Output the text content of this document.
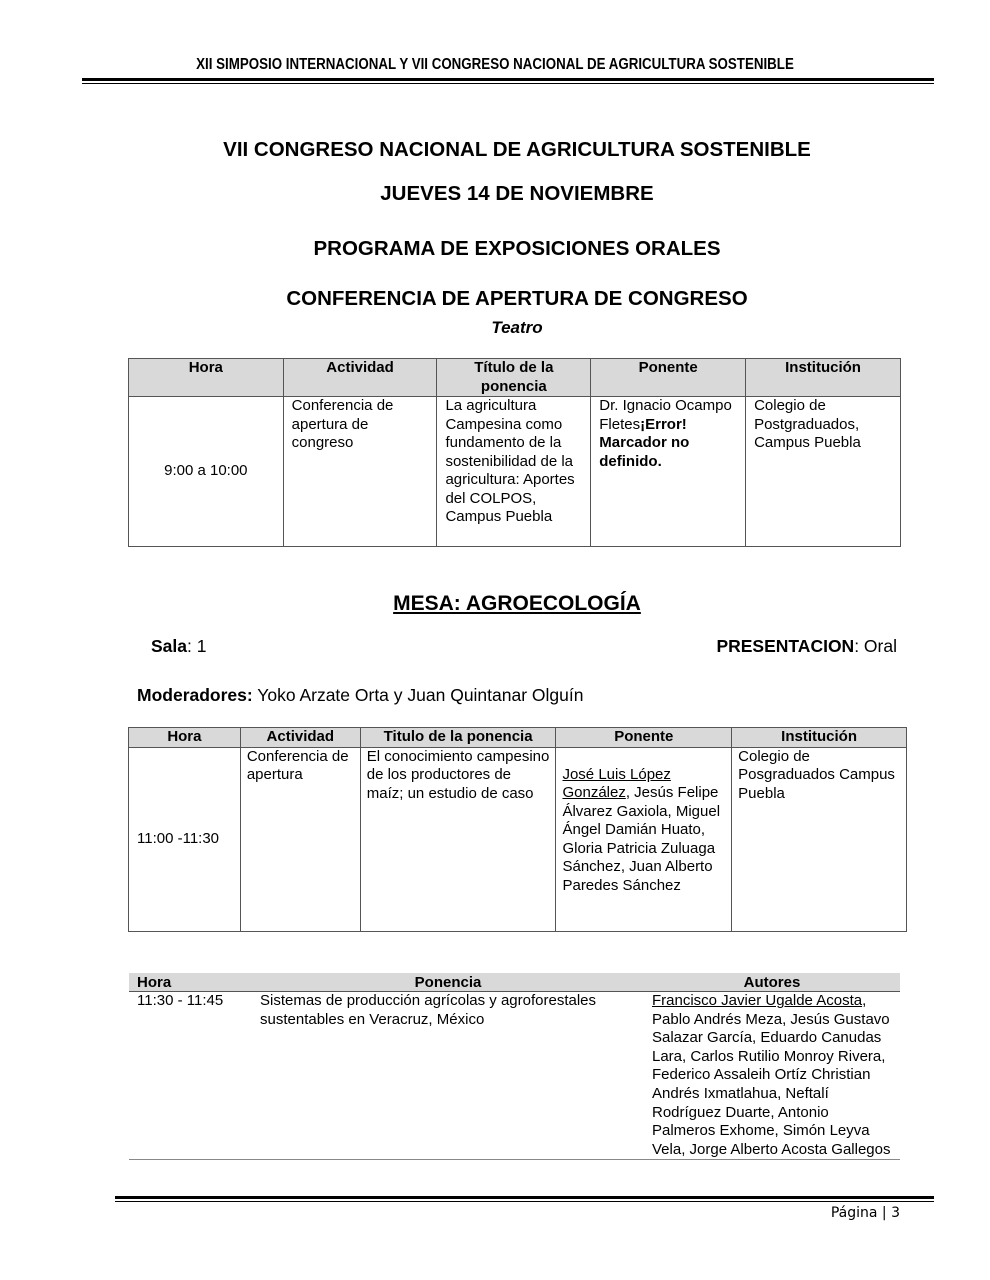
XII SIMPOSIO INTERNACIONAL Y VII CONGRESO NACIONAL DE AGRICULTURA SOSTENIBLE
VII CONGRESO NACIONAL DE AGRICULTURA SOSTENIBLE
JUEVES 14 DE NOVIEMBRE
PROGRAMA DE EXPOSICIONES ORALES
CONFERENCIA DE APERTURA DE CONGRESO
Teatro
Hora	Actividad	Título de la ponencia	Ponente	Institución
9:00 a 10:00	Conferencia de apertura de congreso	La agricultura Campesina como fundamento de la sostenibilidad de la agricultura: Aportes del COLPOS, Campus Puebla	Dr. Ignacio Ocampo Fletes¡Error! Marcador no definido.	Colegio de Postgraduados, Campus Puebla
MESA: AGROECOLOGÍA
Sala: 1	PRESENTACION: Oral
Moderadores: Yoko Arzate Orta y Juan Quintanar Olguín
Hora	Actividad	Titulo de la ponencia	Ponente	Institución
11:00 -11:30	Conferencia de apertura	El conocimiento campesino de los productores de maíz; un estudio de caso	José Luis López González, Jesús Felipe Álvarez Gaxiola, Miguel Ángel Damián Huato, Gloria Patricia Zuluaga Sánchez, Juan Alberto Paredes Sánchez	Colegio de Posgraduados Campus Puebla
Hora	Ponencia	Autores
11:30 - 11:45	Sistemas de producción agrícolas y agroforestales sustentables en Veracruz, México	Francisco Javier Ugalde Acosta, Pablo Andrés Meza, Jesús Gustavo Salazar García, Eduardo Canudas Lara, Carlos Rutilio Monroy Rivera, Federico Assaleih Ortíz Christian Andrés Ixmatlahua, Neftalí Rodríguez Duarte, Antonio Palmeros Exhome, Simón Leyva Vela, Jorge Alberto Acosta Gallegos
Página | 3
